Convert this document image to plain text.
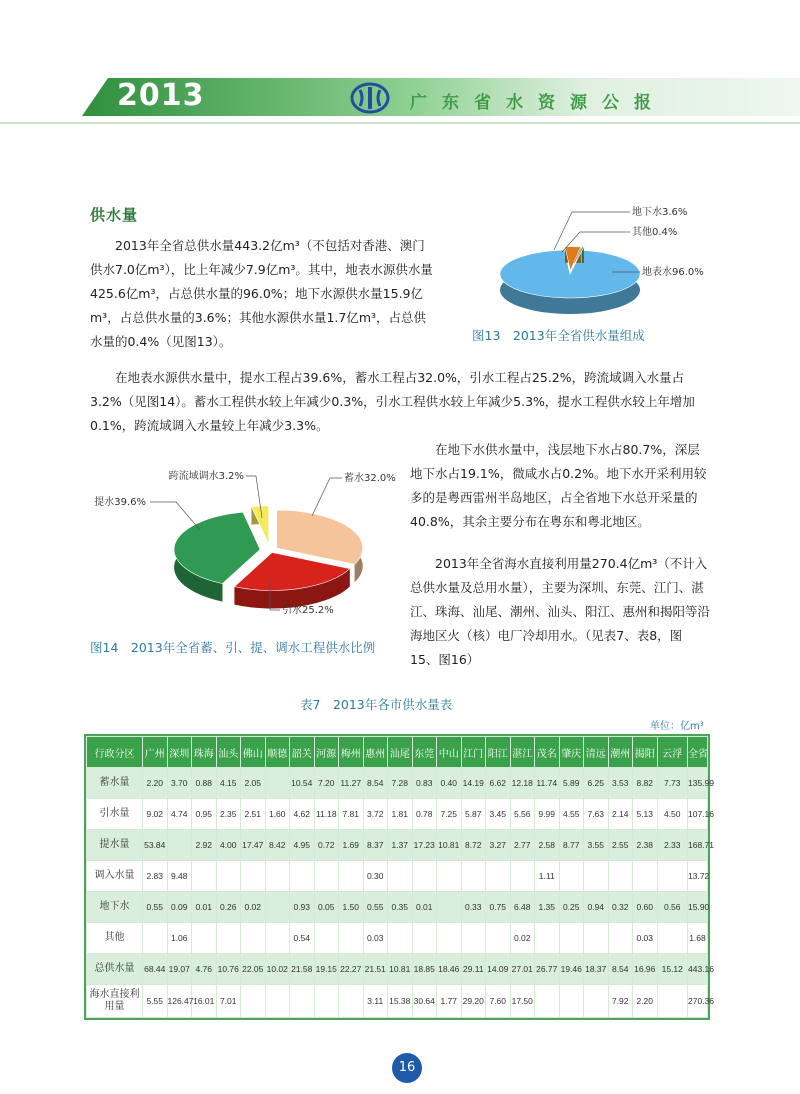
2013	广东省水资源公报
供水量

2013年全省总供水量443.2亿m³（不包括对香港、澳门供水7.0亿m³），比上年减少7.9亿m³。其中，地表水源供水量425.6亿m³，占总供水量的96.0%；地下水源供水量15.9亿m³，占总供水量的3.6%；其他水源供水量1.7亿m³，占总供水量的0.4%（见图13）。

在地表水源供水量中，提水工程占39.6%，蓄水工程占32.0%，引水工程占25.2%，跨流域调入水量占3.2%（见图14）。蓄水工程供水较上年减少0.3%，引水工程供水较上年减少5.3%，提水工程供水较上年增加0.1%，跨流域调入水量较上年减少3.3%。

在地下水供水量中，浅层地下水占80.7%，深层地下水占19.1%，微咸水占0.2%。地下水开采利用较多的是粤西雷州半岛地区，占全省地下水总开采量的40.8%，其余主要分布在粤东和粤北地区。

2013年全省海水直接利用量270.4亿m³（不计入总供水量及总用水量），主要为深圳、东莞、江门、湛江、珠海、汕尾、潮州、汕头、阳江、惠州和揭阳等沿海地区火（核）电厂冷却用水。（见表7、表8，图15、图16）

地下水3.6%
其他0.4%
地表水96.0%
图13　2013年全省供水量组成
蓄水32.0%
引水25.2%
提水39.6%
跨流域调水3.2%
图14　2013年全省蓄、引、提、调水工程供水比例
表7　2013年各市供水量表
单位：亿m³
行政分区	广州	深圳	珠海	汕头	佛山	顺德	韶关	河源	梅州	惠州	汕尾	东莞	中山	江门	阳江	湛江	茂名	肇庆	清远	潮州	揭阳	云浮	全省
蓄水量	2.20	3.70	0.88	4.15	2.05		10.54	7.20	11.27	8.54	7.28	0.83	0.40	14.19	6.62	12.18	11.74	5.89	6.25	3.53	8.82	7.73	135.99
引水量	9.02	4.74	0.95	2.35	2.51	1.60	4.62	11.18	7.81	3.72	1.81	0.78	7.25	5.87	3.45	5.56	9.99	4.55	7.63	2.14	5.13	4.50	107.16
提水量	53.84		2.92	4.00	17.47	8.42	4.95	0.72	1.69	8.37	1.37	17.23	10.81	8.72	3.27	2.77	2.58	8.77	3.55	2.55	2.38	2.33	168.71
调入水量	2.83	9.48								0.30							1.11						13.72
地下水	0.55	0.09	0.01	0.26	0.02		0.93	0.05	1.50	0.55	0.35	0.01		0.33	0.75	6.48	1.35	0.25	0.94	0.32	0.60	0.56	15.90
其他		1.06					0.54			0.03						0.02					0.03		1.68
总供水量	68.44	19.07	4.76	10.76	22.05	10.02	21.58	19.15	22.27	21.51	10.81	18.85	18.46	29.11	14.09	27.01	26.77	19.46	18.37	8.54	16.96	15.12	443.16
海水直接利用量	5.55	126.47	16.01	7.01						3.11	15.38	30.64	1.77	29.20	7.60	17.50				7.92	2.20		270.36
16
